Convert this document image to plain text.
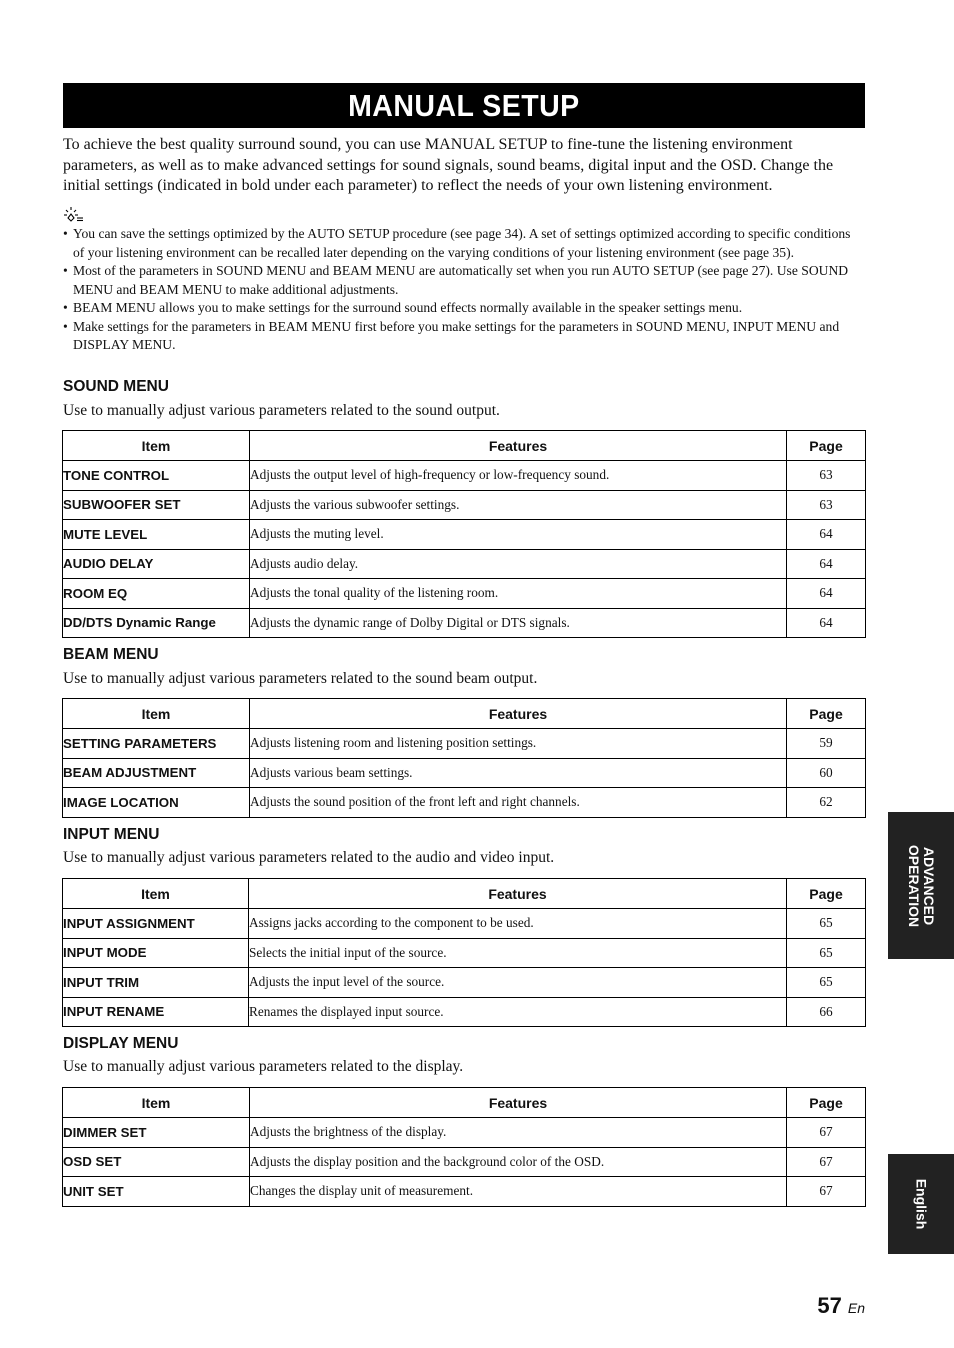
MANUAL SETUP

To achieve the best quality surround sound, you can use MANUAL SETUP to fine-tune the listening environment parameters, as well as to make advanced settings for sound signals, sound beams, digital input and the OSD. Change the initial settings (indicated in bold under each parameter) to reflect the needs of your own listening environment.

• You can save the settings optimized by the AUTO SETUP procedure (see page 34). A set of settings optimized according to specific conditions of your listening environment can be recalled later depending on the varying conditions of your listening environment (see page 35).
• Most of the parameters in SOUND MENU and BEAM MENU are automatically set when you run AUTO SETUP (see page 27). Use SOUND MENU and BEAM MENU to make additional adjustments.
• BEAM MENU allows you to make settings for the surround sound effects normally available in the speaker settings menu.
• Make settings for the parameters in BEAM MENU first before you make settings for the parameters in SOUND MENU, INPUT MENU and DISPLAY MENU.
SOUND MENU

Use to manually adjust various parameters related to the sound output.

Item	Features	Page
TONE CONTROL	Adjusts the output level of high-frequency or low-frequency sound.	63
SUBWOOFER SET	Adjusts the various subwoofer settings.	63
MUTE LEVEL	Adjusts the muting level.	64
AUDIO DELAY	Adjusts audio delay.	64
ROOM EQ	Adjusts the tonal quality of the listening room.	64
DD/DTS Dynamic Range	Adjusts the dynamic range of Dolby Digital or DTS signals.	64
BEAM MENU

Use to manually adjust various parameters related to the sound beam output.

Item	Features	Page
SETTING PARAMETERS	Adjusts listening room and listening position settings.	59
BEAM ADJUSTMENT	Adjusts various beam settings.	60
IMAGE LOCATION	Adjusts the sound position of the front left and right channels.	62
INPUT MENU

Use to manually adjust various parameters related to the audio and video input.

Item	Features	Page
INPUT ASSIGNMENT	Assigns jacks according to the component to be used.	65
INPUT MODE	Selects the initial input of the source.	65
INPUT TRIM	Adjusts the input level of the source.	65
INPUT RENAME	Renames the displayed input source.	66
DISPLAY MENU

Use to manually adjust various parameters related to the display.

Item	Features	Page
DIMMER SET	Adjusts the brightness of the display.	67
OSD SET	Adjusts the display position and the background color of the OSD.	67
UNIT SET	Changes the display unit of measurement.	67
ADVANCED
OPERATION
English
57 En
